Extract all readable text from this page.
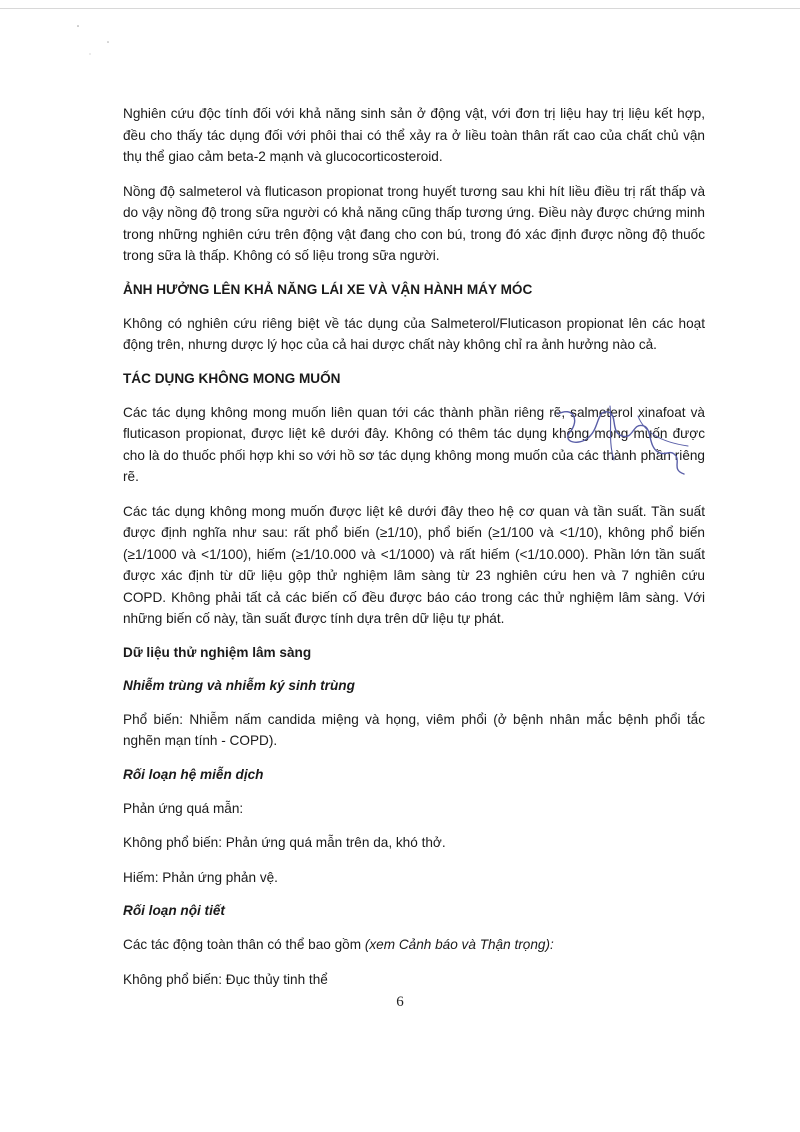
Nghiên cứu độc tính đối với khả năng sinh sản ở động vật, với đơn trị liệu hay trị liệu kết hợp, đều cho thấy tác dụng đối với phôi thai có thể xảy ra ở liều toàn thân rất cao của chất chủ vận thụ thể giao cảm beta-2 mạnh và glucocorticosteroid.

Nồng độ salmeterol và fluticason propionat trong huyết tương sau khi hít liều điều trị rất thấp và do vậy nồng độ trong sữa người có khả năng cũng thấp tương ứng. Điều này được chứng minh trong những nghiên cứu trên động vật đang cho con bú, trong đó xác định được nồng độ thuốc trong sữa là thấp. Không có số liệu trong sữa người.

ẢNH HƯỞNG LÊN KHẢ NĂNG LÁI XE VÀ VẬN HÀNH MÁY MÓC

Không có nghiên cứu riêng biệt về tác dụng của Salmeterol/Fluticason propionat lên các hoạt động trên, nhưng dược lý học của cả hai dược chất này không chỉ ra ảnh hưởng nào cả.

TÁC DỤNG KHÔNG MONG MUỐN

Các tác dụng không mong muốn liên quan tới các thành phần riêng rẽ, salmeterol xinafoat và fluticason propionat, được liệt kê dưới đây. Không có thêm tác dụng không mong muốn được cho là do thuốc phối hợp khi so với hồ sơ tác dụng không mong muốn của các thành phần riêng rẽ.

Các tác dụng không mong muốn được liệt kê dưới đây theo hệ cơ quan và tần suất. Tần suất được định nghĩa như sau: rất phổ biến (≥1/10), phổ biến (≥1/100 và <1/10), không phổ biến (≥1/1000 và <1/100), hiếm (≥1/10.000 và <1/1000) và rất hiếm (<1/10.000). Phần lớn tần suất được xác định từ dữ liệu gộp thử nghiệm lâm sàng từ 23 nghiên cứu hen và 7 nghiên cứu COPD. Không phải tất cả các biến cố đều được báo cáo trong các thử nghiệm lâm sàng. Với những biến cố này, tần suất được tính dựa trên dữ liệu tự phát.

Dữ liệu thử nghiệm lâm sàng

Nhiễm trùng và nhiễm ký sinh trùng

Phổ biến: Nhiễm nấm candida miệng và họng, viêm phổi (ở bệnh nhân mắc bệnh phổi tắc nghẽn mạn tính - COPD).

Rối loạn hệ miễn dịch

Phản ứng quá mẫn:

Không phổ biến: Phản ứng quá mẫn trên da, khó thở.

Hiếm: Phản ứng phản vệ.

Rối loạn nội tiết

Các tác động toàn thân có thể bao gồm (xem Cảnh báo và Thận trọng):

Không phổ biến: Đục thủy tinh thể

6
